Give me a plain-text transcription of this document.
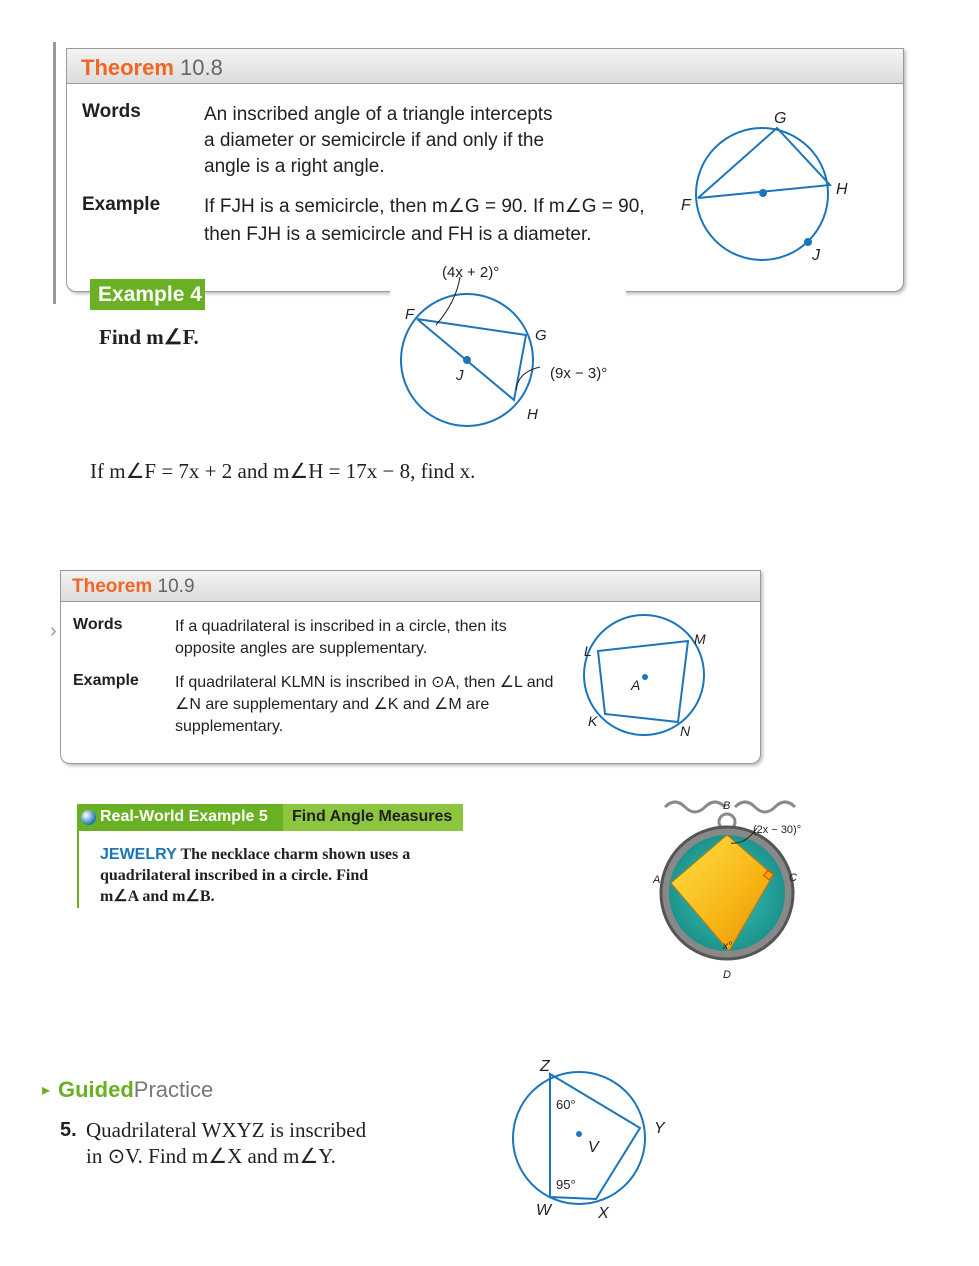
Theorem 10.8
Words	An inscribed angle of a triangle intercepts
a diameter or semicircle if and only if the
angle is a right angle.
Example If FJH is a semicircle, then m∠G = 90. If m∠G = 90,
then FJH is a semicircle and FH is a diameter.
G
F
H
J
Example 4
Find m∠F.
(4x + 2)°
F
G
J	(9x − 3)°
H
If m∠F = 7x + 2 and m∠H = 17x − 8, find x.
Theorem 10.9
› Words	If a quadrilateral is inscribed in a circle, then its
opposite angles are supplementary.
Example If quadrilateral KLMN is inscribed in ⊙A, then ∠L and
∠N are supplementary and ∠K and ∠M are
supplementary.
L
M
A
K
N
Real-World Example 5 Find Angle Measures
JEWELRY The necklace charm shown uses a
quadrilateral inscribed in a circle. Find
m∠A and m∠B.
B
(2x − 30)°
A	C
x°
D
▸ GuidedPractice
5. Quadrilateral WXYZ is inscribed
in ⊙V. Find m∠X and m∠Y.
Z
60°
Y
V
95°
W	X
